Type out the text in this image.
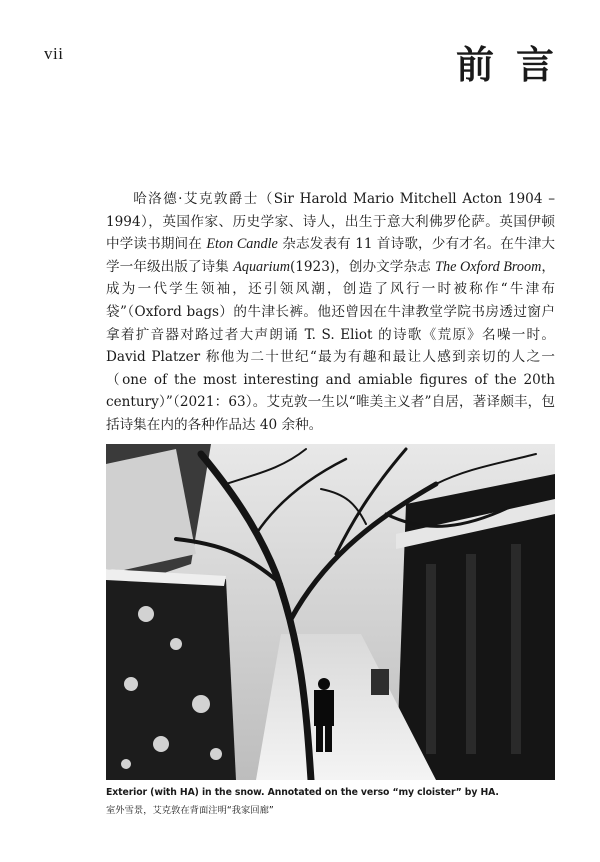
vii	前言

哈洛德·艾克敦爵士（Sir Harold Mario Mitchell Acton 1904 – 1994），英国作家、历史学家、诗人，出生于意大利佛罗伦萨。英国伊顿中学读书期间在 Eton Candle 杂志发表有 11 首诗歌，少有才名。在牛津大学一年级出版了诗集 Aquarium(1923)，创办文学杂志 The Oxford Broom，成为一代学生领袖，还引领风潮，创造了风行一时被称作“牛津布袋”（Oxford bags）的牛津长裤。他还曾因在牛津教堂学院书房透过窗户拿着扩音器对路过者大声朗诵 T. S. Eliot 的诗歌《荒原》名噪一时。David Platzer 称他为二十世纪“最为有趣和最让人感到亲切的人之一（one of the most interesting and amiable figures of the 20th century）”（2021：63）。艾克敦一生以“唯美主义者”自居，著译颇丰，包括诗集在内的各种作品达 40 余种。

Exterior (with HA) in the snow. Annotated on the verso “my cloister” by HA.
室外雪景，艾克敦在背面注明“我家回廊”
